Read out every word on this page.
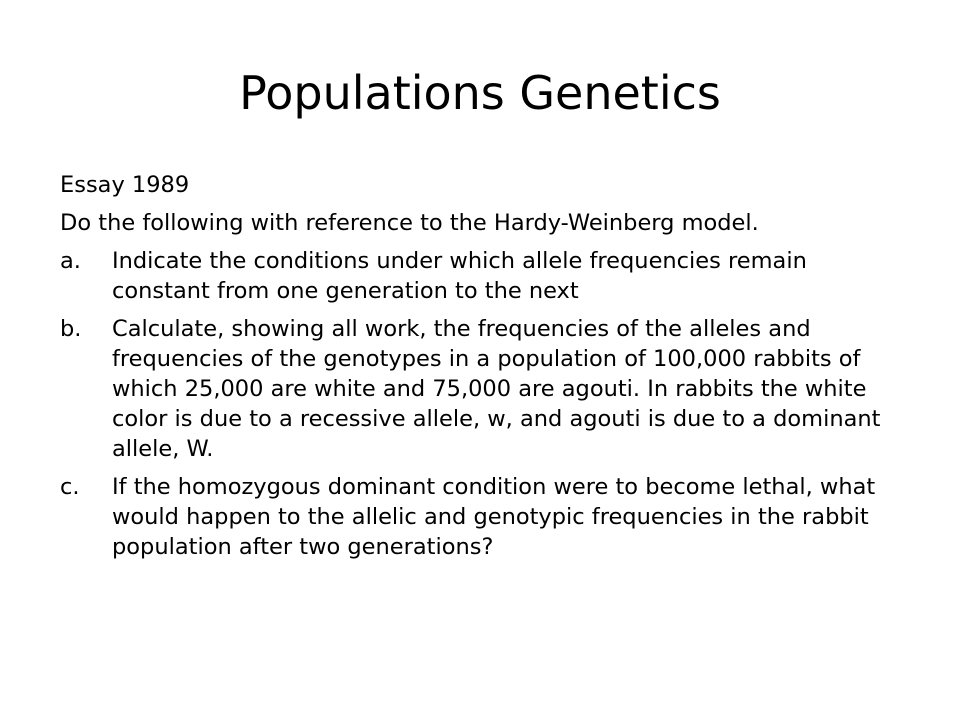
Populations Genetics

Essay 1989

Do the following with reference to the Hardy-Weinberg model.

a.	Indicate the conditions under which allele frequencies remain constant from one generation to the next
b.	Calculate, showing all work, the frequencies of the alleles and frequencies of the genotypes in a population of 100,000 rabbits of which 25,000 are white and 75,000 are agouti. In rabbits the white color is due to a recessive allele, w, and agouti is due to a dominant allele, W.
c.	If the homozygous dominant condition were to become lethal, what would happen to the allelic and genotypic frequencies in the rabbit population after two generations?
